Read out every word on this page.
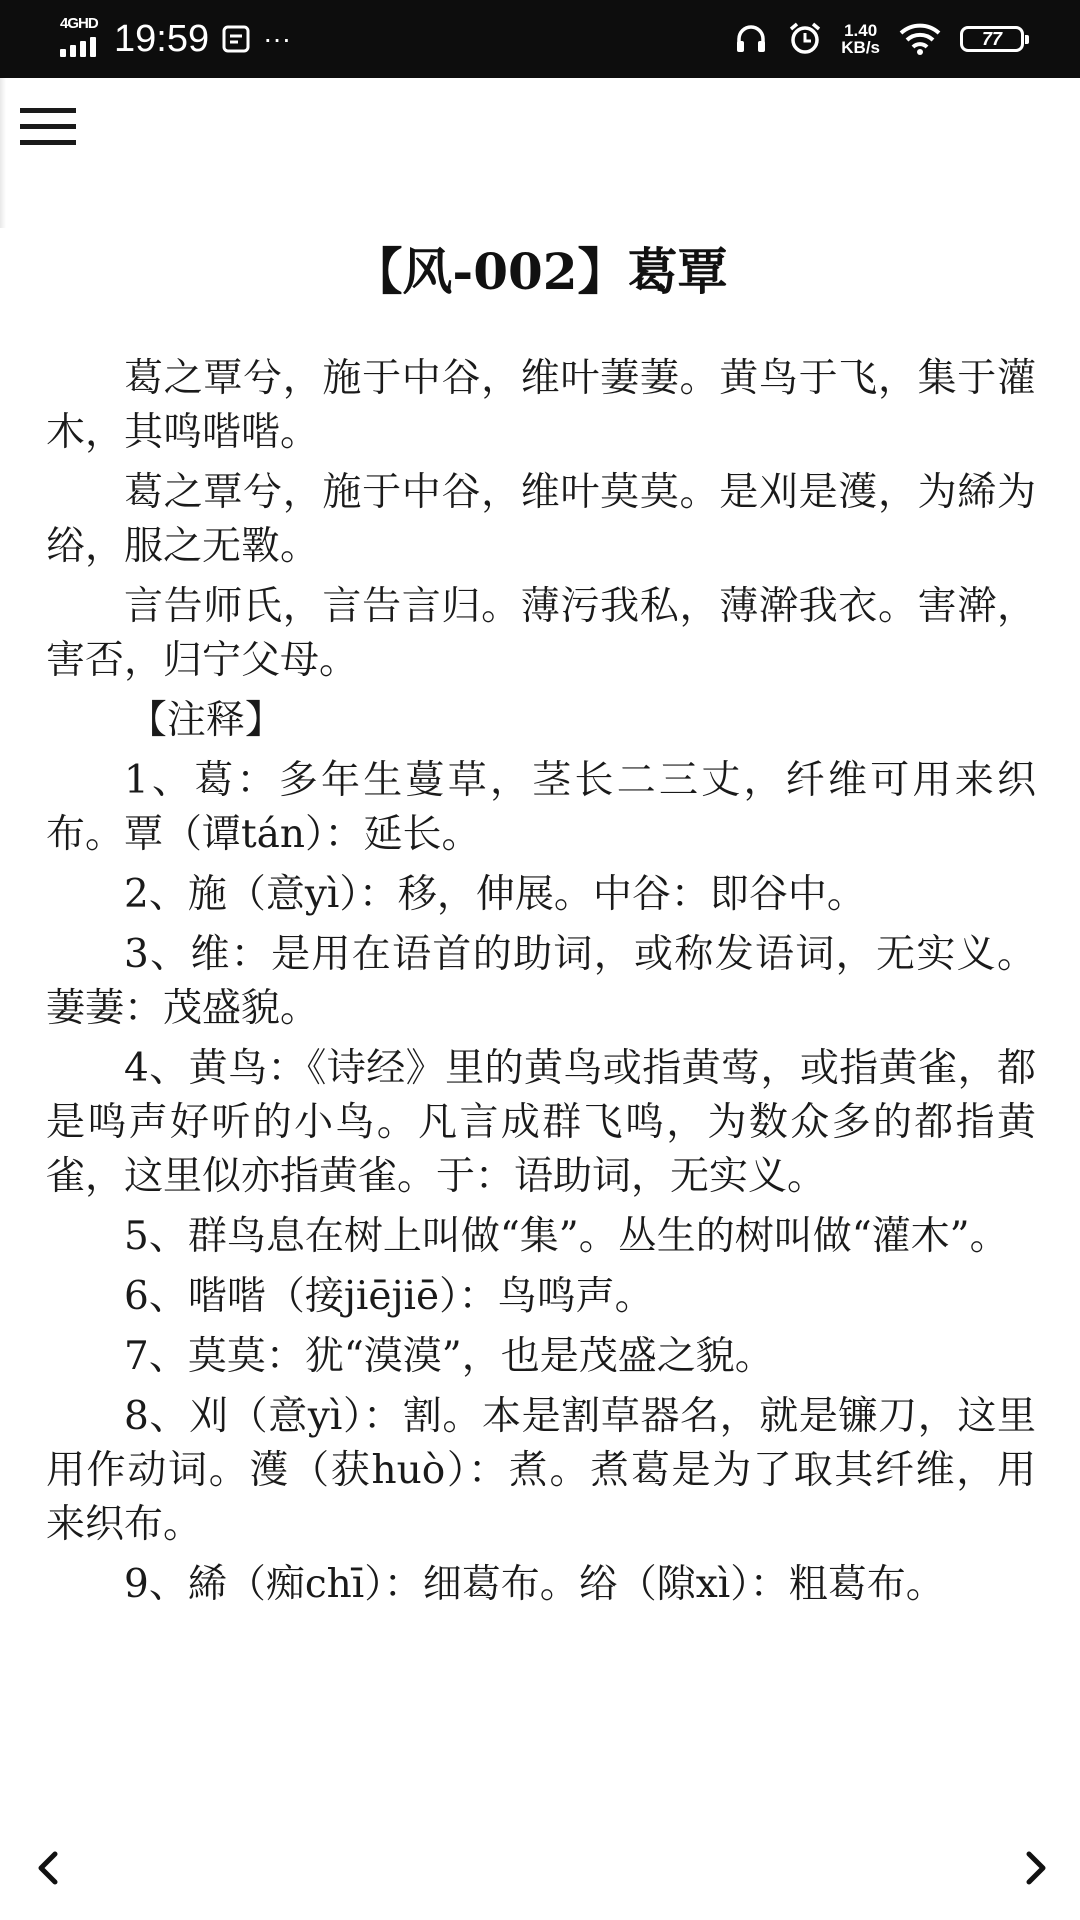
4GHD 19:59 ···	1.40
KB/s	77
【风-002】葛覃

葛之覃兮，施于中谷，维叶萋萋。黄鸟于飞，集于灌木，其鸣喈喈。

葛之覃兮，施于中谷，维叶莫莫。是刈是濩，为絺为绤，服之无斁。

言告师氏，言告言归。薄污我私，薄澣我衣。害澣，害否，归宁父母。

【注释】

1、葛：多年生蔓草，茎长二三丈，纤维可用来织布。覃（谭tán）：延长。

2、施（意yì）：移，伸展。中谷：即谷中。

3、维：是用在语首的助词，或称发语词，无实义。萋萋：茂盛貌。

4、黄鸟：《诗经》里的黄鸟或指黄莺，或指黄雀，都是鸣声好听的小鸟。凡言成群飞鸣，为数众多的都指黄雀，这里似亦指黄雀。于：语助词，无实义。

5、群鸟息在树上叫做“集”。丛生的树叫做“灌木”。

6、喈喈（接jiējiē）：鸟鸣声。

7、莫莫：犹“漠漠”，也是茂盛之貌。

8、刈（意yì）：割。本是割草器名，就是镰刀，这里用作动词。濩（获huò）：煮。煮葛是为了取其纤维，用来织布。

9、絺（痴chī）：细葛布。绤（隙xì）：粗葛布。
